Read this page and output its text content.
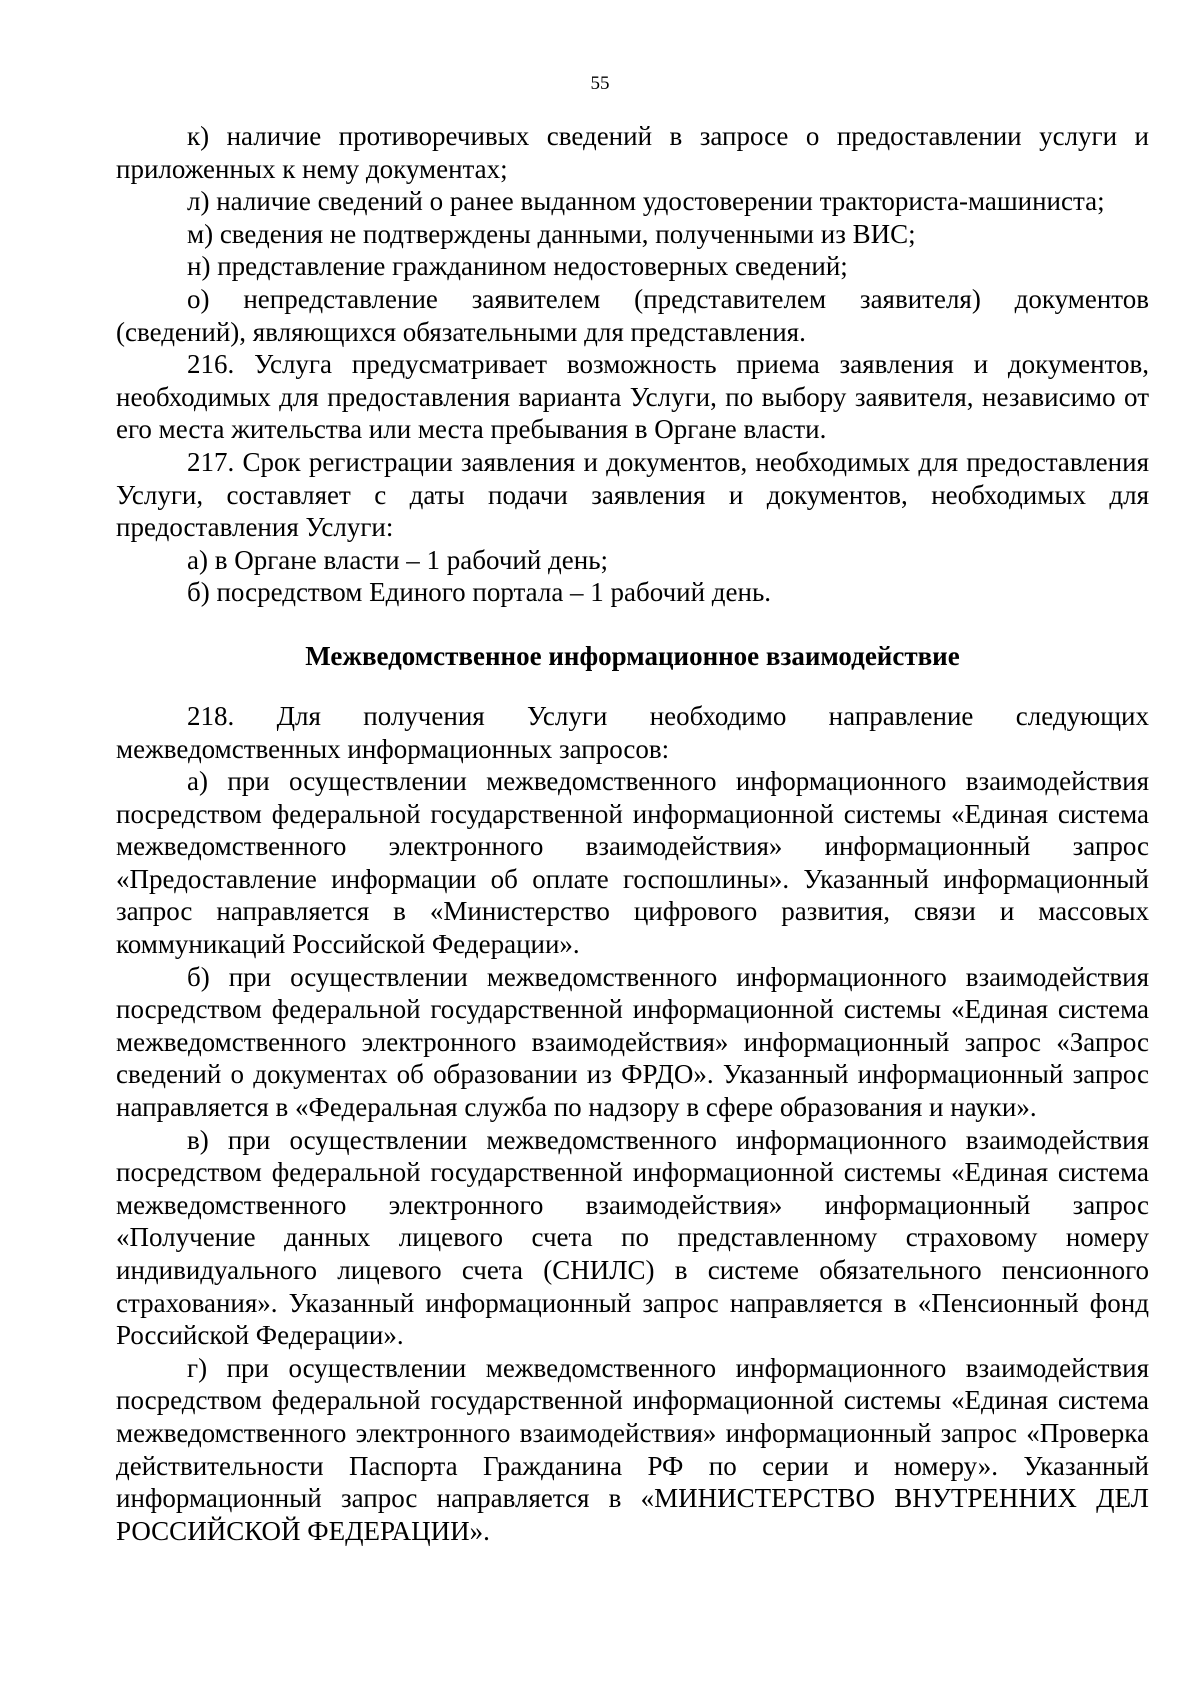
55

к) наличие противоречивых сведений в запросе о предоставлении услуги и приложенных к нему документах;

л) наличие сведений о ранее выданном удостоверении тракториста-машиниста;

м) сведения не подтверждены данными, полученными из ВИС;

н) представление гражданином недостоверных сведений;

о) непредставление заявителем (представителем заявителя) документов (сведений), являющихся обязательными для представления.

216. Услуга предусматривает возможность приема заявления и документов, необходимых для предоставления варианта Услуги, по выбору заявителя, независимо от его места жительства или места пребывания в Органе власти.

217. Срок регистрации заявления и документов, необходимых для предоставления Услуги, составляет с даты подачи заявления и документов, необходимых для предоставления Услуги:

а) в Органе власти – 1 рабочий день;

б) посредством Единого портала – 1 рабочий день.

Межведомственное информационное взаимодействие

218. Для получения Услуги необходимо направление следующих межведомственных информационных запросов:

а) при осуществлении межведомственного информационного взаимодействия посредством федеральной государственной информационной системы «Единая система межведомственного электронного взаимодействия» информационный запрос «Предоставление информации об оплате госпошлины». Указанный информационный запрос направляется в «Министерство цифрового развития, связи и массовых коммуникаций Российской Федерации».

б) при осуществлении межведомственного информационного взаимодействия посредством федеральной государственной информационной системы «Единая система межведомственного электронного взаимодействия» информационный запрос «Запрос сведений о документах об образовании из ФРДО». Указанный информационный запрос направляется в «Федеральная служба по надзору в сфере образования и науки».

в) при осуществлении межведомственного информационного взаимодействия посредством федеральной государственной информационной системы «Единая система межведомственного электронного взаимодействия» информационный запрос «Получение данных лицевого счета по представленному страховому номеру индивидуального лицевого счета (СНИЛС) в системе обязательного пенсионного страхования». Указанный информационный запрос направляется в «Пенсионный фонд Российской Федерации».

г) при осуществлении межведомственного информационного взаимодействия посредством федеральной государственной информационной системы «Единая система межведомственного электронного взаимодействия» информационный запрос «Проверка действительности Паспорта Гражданина РФ по серии и номеру». Указанный информационный запрос направляется в «МИНИСТЕРСТВО ВНУТРЕННИХ ДЕЛ РОССИЙСКОЙ ФЕДЕРАЦИИ».
